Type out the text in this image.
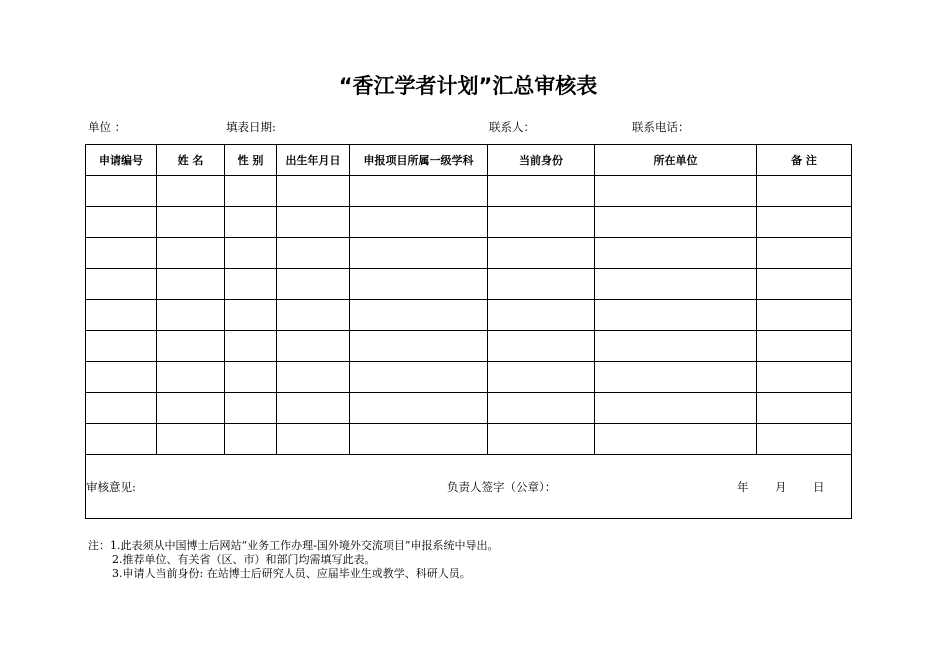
“香江学者计划”汇总审核表
单位 ：	填表日期:	联系人：	联系电话：
申请编号	姓 名	性 别	出生年月日	申报项目所属一级学科	当前身份	所在单位	备 注

审核意见: 负责人签字（公章）： 年 月 日							
注：1.此表须从中国博士后网站“业务工作办理-国外境外交流项目”申报系统中导出。
2.推荐单位、有关省（区、市）和部门均需填写此表。
3.申请人当前身份: 在站博士后研究人员、应届毕业生或教学、科研人员。
